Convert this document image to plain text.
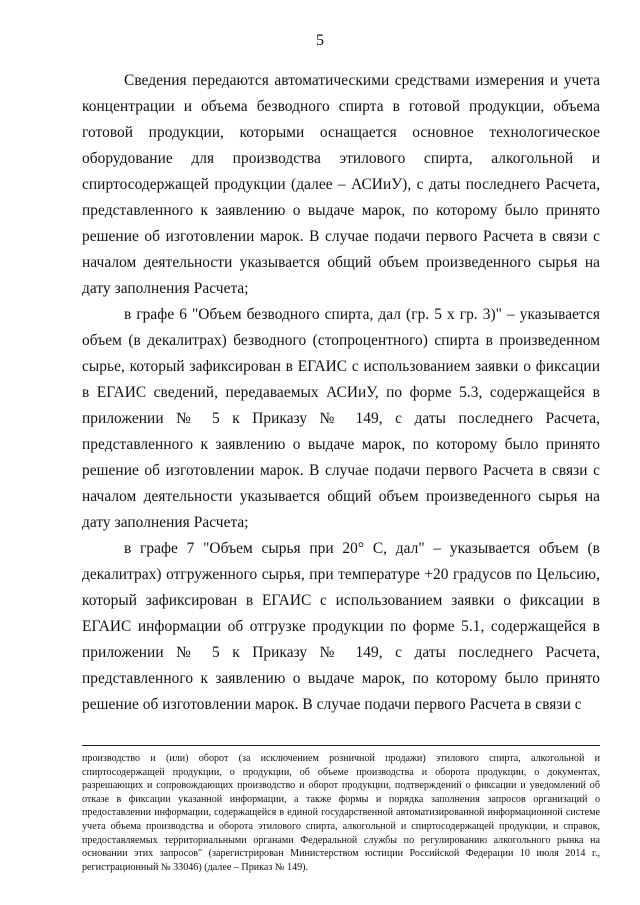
5

Сведения передаются автоматическими средствами измерения и учета концентрации и объема безводного спирта в готовой продукции, объема готовой продукции, которыми оснащается основное технологическое оборудование для производства этилового спирта, алкогольной и спиртосодержащей продукции (далее – АСИиУ), с даты последнего Расчета, представленного к заявлению о выдаче марок, по которому было принято решение об изготовлении марок. В случае подачи первого Расчета в связи с началом деятельности указывается общий объем произведенного сырья на дату заполнения Расчета;

в графе 6 "Объем безводного спирта, дал (гр. 5 х гр. 3)" – указывается объем (в декалитрах) безводного (стопроцентного) спирта в произведенном сырье, который зафиксирован в ЕГАИС с использованием заявки о фиксации в ЕГАИС сведений, передаваемых АСИиУ, по форме 5.3, содержащейся в приложении № 5 к Приказу № 149, с даты последнего Расчета, представленного к заявлению о выдаче марок, по которому было принято решение об изготовлении марок. В случае подачи первого Расчета в связи с началом деятельности указывается общий объем произведенного сырья на дату заполнения Расчета;

в графе 7 "Объем сырья при 20° С, дал" – указывается объем (в декалитрах) отгруженного сырья, при температуре +20 градусов по Цельсию, который зафиксирован в ЕГАИС с использованием заявки о фиксации в ЕГАИС информации об отгрузке продукции по форме 5.1, содержащейся в приложении № 5 к Приказу № 149, с даты последнего Расчета, представленного к заявлению о выдаче марок, по которому было принято решение об изготовлении марок. В случае подачи первого Расчета в связи с

производство и (или) оборот (за исключением розничной продажи) этилового спирта, алкогольной и спиртосодержащей продукции, о продукции, об объеме производства и оборота продукции, о документах, разрешающих и сопровождающих производство и оборот продукции, подтверждений о фиксации и уведомлений об отказе в фиксации указанной информации, а также формы и порядка заполнения запросов организаций о предоставлении информации, содержащейся в единой государственной автоматизированной информационной системе учета объема производства и оборота этилового спирта, алкогольной и спиртосодержащей продукции, и справок, предоставляемых территориальными органами Федеральной службы по регулированию алкогольного рынка на основании этих запросов" (зарегистрирован Министерством юстиции Российской Федерации 10 июля 2014 г., регистрационный № 33046) (далее – Приказ № 149).
